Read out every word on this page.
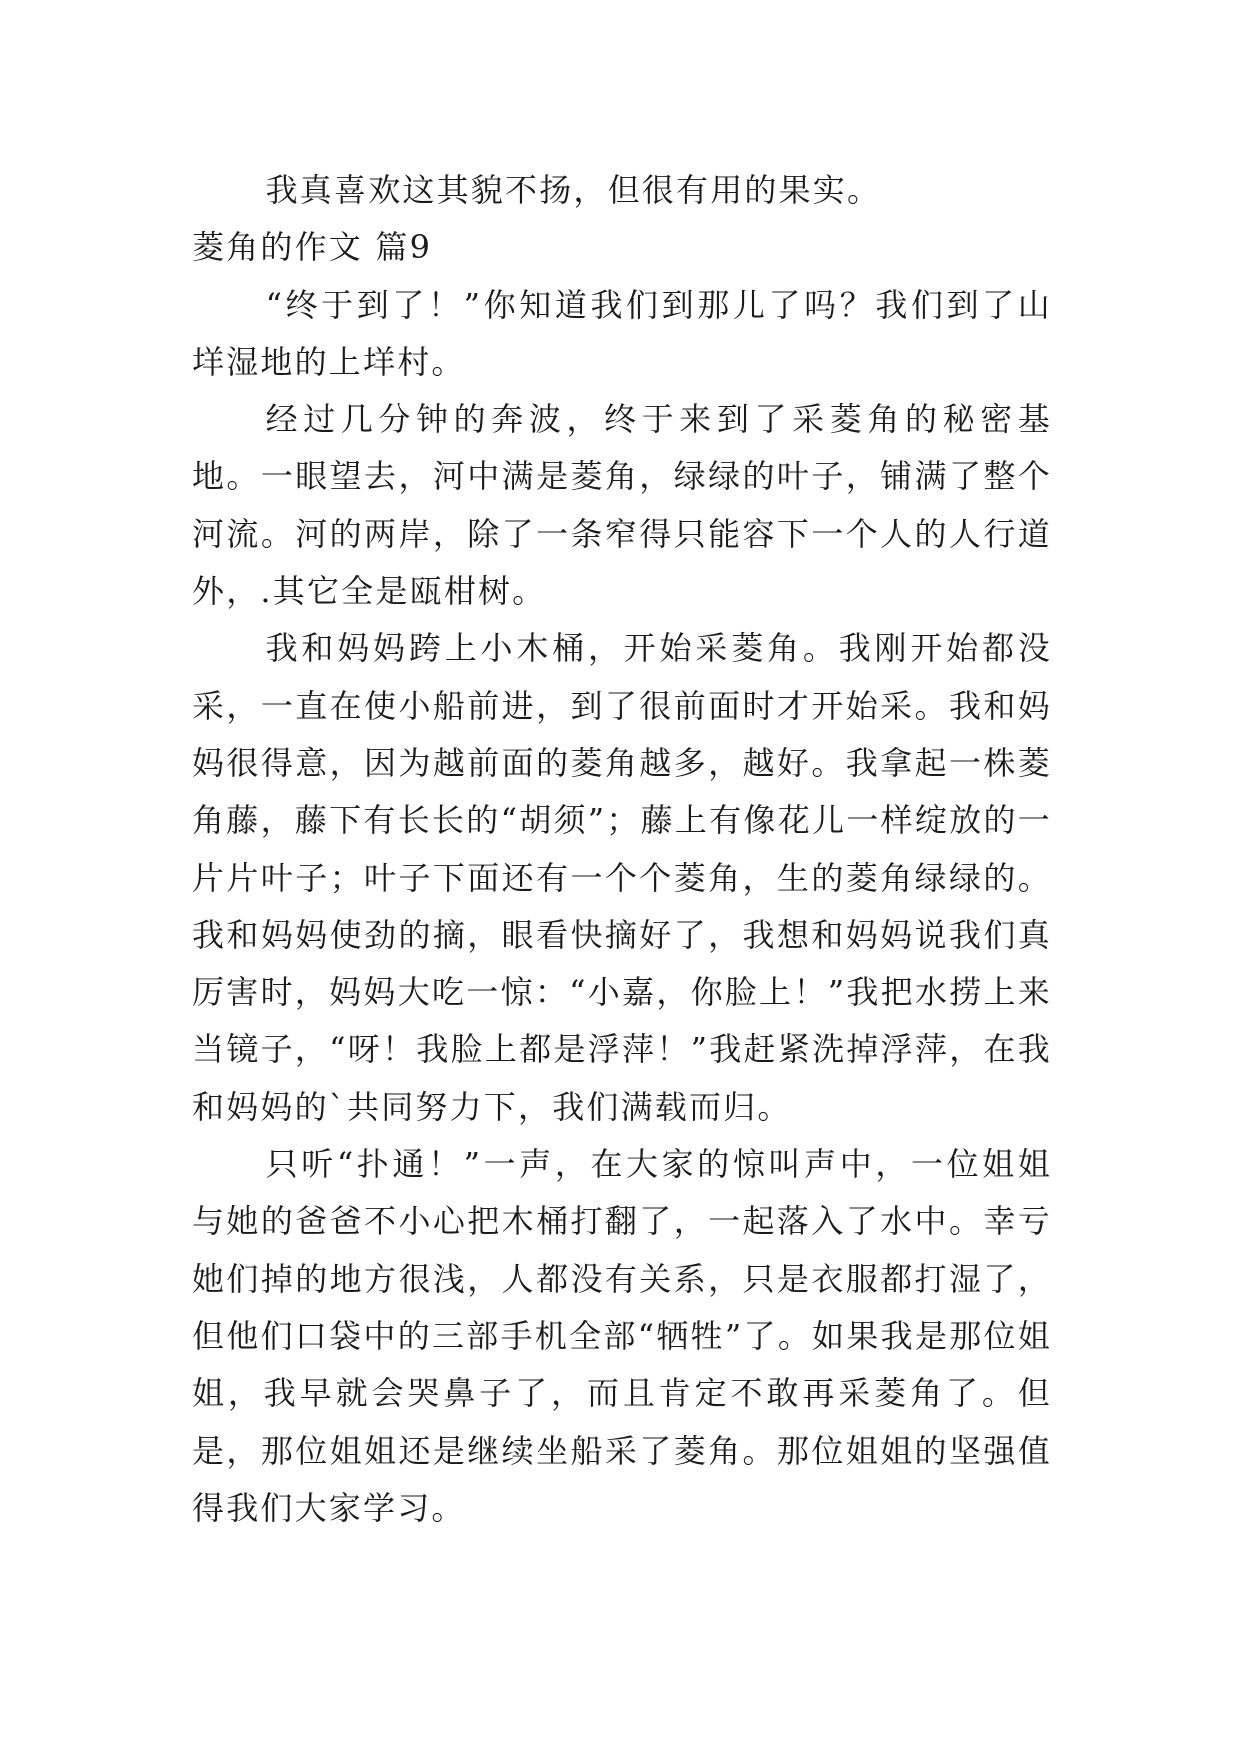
我真喜欢这其貌不扬，但很有用的果实。

菱角的作文 篇9

“终于到了！”你知道我们到那儿了吗？我们到了山垟湿地的上垟村。

经过几分钟的奔波，终于来到了采菱角的秘密基地。一眼望去，河中满是菱角，绿绿的叶子，铺满了整个河流。河的两岸，除了一条窄得只能容下一个人的人行道外，.其它全是瓯柑树。

我和妈妈跨上小木桶，开始采菱角。我刚开始都没采，一直在使小船前进，到了很前面时才开始采。我和妈妈很得意，因为越前面的菱角越多，越好。我拿起一株菱角藤，藤下有长长的“胡须”；藤上有像花儿一样绽放的一片片叶子；叶子下面还有一个个菱角，生的菱角绿绿的。我和妈妈使劲的摘，眼看快摘好了，我想和妈妈说我们真厉害时，妈妈大吃一惊：“小嘉，你脸上！”我把水捞上来当镜子，“呀！我脸上都是浮萍！”我赶紧洗掉浮萍，在我和妈妈的`共同努力下，我们满载而归。

只听“扑通！”一声，在大家的惊叫声中，一位姐姐与她的爸爸不小心把木桶打翻了，一起落入了水中。幸亏她们掉的地方很浅，人都没有关系，只是衣服都打湿了，但他们口袋中的三部手机全部“牺牲”了。如果我是那位姐姐，我早就会哭鼻子了，而且肯定不敢再采菱角了。但是，那位姐姐还是继续坐船采了菱角。那位姐姐的坚强值得我们大家学习。
